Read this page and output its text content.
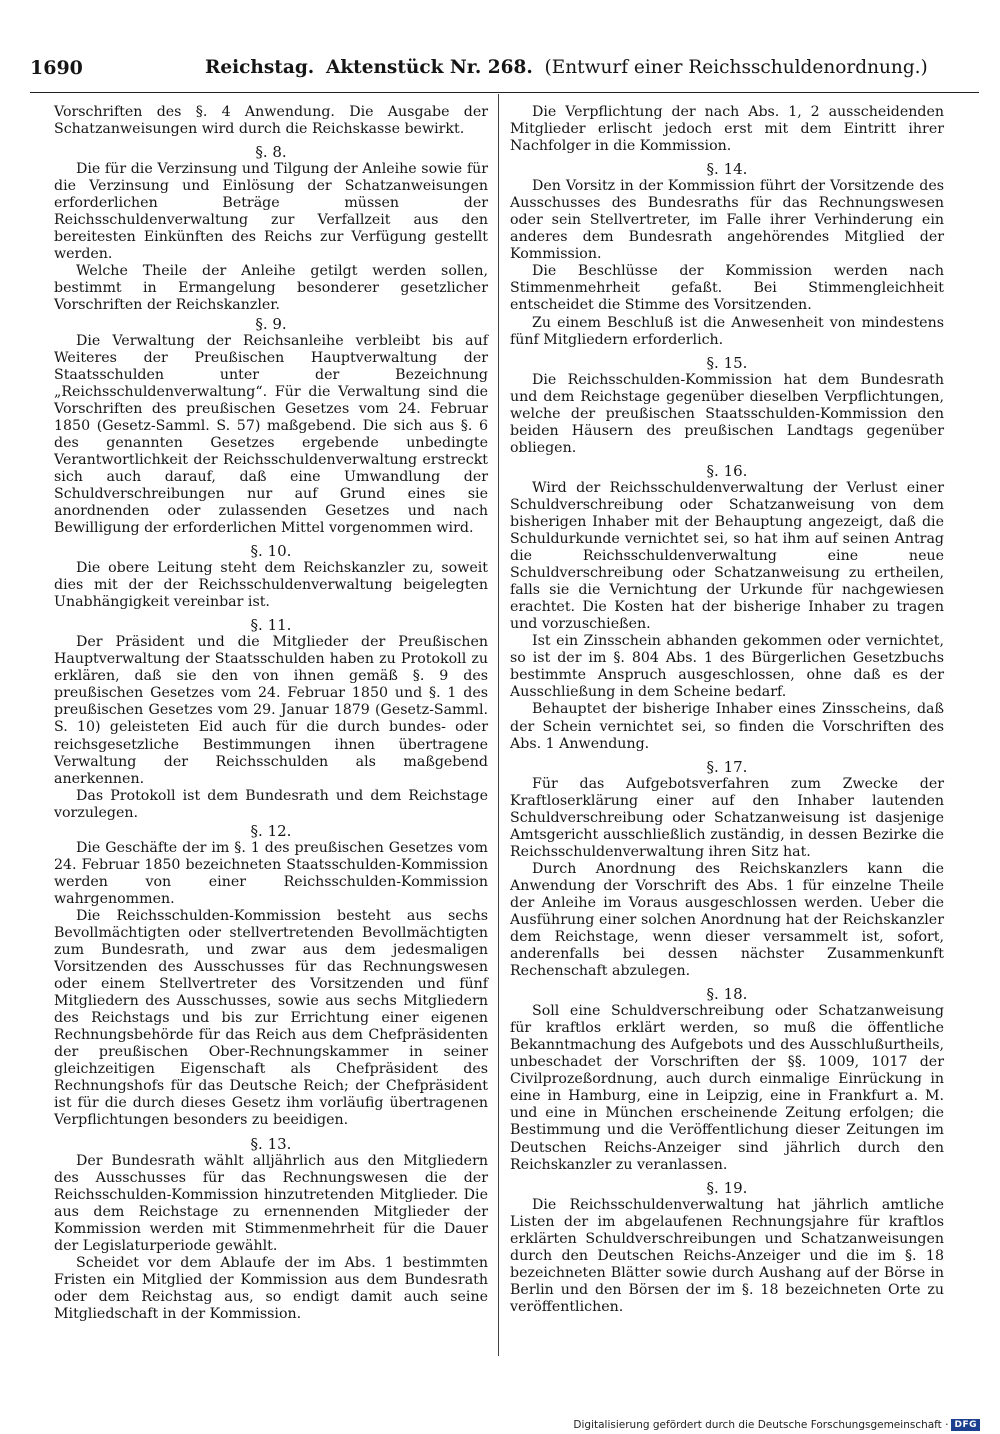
1690	Reichstag. Aktenstück Nr. 268. (Entwurf einer Reichsschuldenordnung.)

Vorschriften des §. 4 Anwendung. Die Ausgabe der Schatzanweisungen wird durch die Reichskasse bewirkt.

§. 8.

Die für die Verzinsung und Tilgung der Anleihe sowie für die Verzinsung und Einlösung der Schatzanweisungen erforderlichen Beträge müssen der Reichsschuldenverwaltung zur Verfallzeit aus den bereitesten Einkünften des Reichs zur Verfügung gestellt werden.

Welche Theile der Anleihe getilgt werden sollen, bestimmt in Ermangelung besonderer gesetzlicher Vorschriften der Reichskanzler.

§. 9.

Die Verwaltung der Reichsanleihe verbleibt bis auf Weiteres der Preußischen Hauptverwaltung der Staatsschulden unter der Bezeichnung „Reichsschuldenverwaltung“. Für die Verwaltung sind die Vorschriften des preußischen Gesetzes vom 24. Februar 1850 (Gesetz-Samml. S. 57) maßgebend. Die sich aus §. 6 des genannten Gesetzes ergebende unbedingte Verantwortlichkeit der Reichsschuldenverwaltung erstreckt sich auch darauf, daß eine Umwandlung der Schuldverschreibungen nur auf Grund eines sie anordnenden oder zulassenden Gesetzes und nach Bewilligung der erforderlichen Mittel vorgenommen wird.

§. 10.

Die obere Leitung steht dem Reichskanzler zu, soweit dies mit der der Reichsschuldenverwaltung beigelegten Unabhängigkeit vereinbar ist.

§. 11.

Der Präsident und die Mitglieder der Preußischen Hauptverwaltung der Staatsschulden haben zu Protokoll zu erklären, daß sie den von ihnen gemäß §. 9 des preußischen Gesetzes vom 24. Februar 1850 und §. 1 des preußischen Gesetzes vom 29. Januar 1879 (Gesetz-Samml. S. 10) geleisteten Eid auch für die durch bundes- oder reichsgesetzliche Bestimmungen ihnen übertragene Verwaltung der Reichsschulden als maßgebend anerkennen.

Das Protokoll ist dem Bundesrath und dem Reichstage vorzulegen.

§. 12.

Die Geschäfte der im §. 1 des preußischen Gesetzes vom 24. Februar 1850 bezeichneten Staatsschulden-Kommission werden von einer Reichsschulden-Kommission wahrgenommen.

Die Reichsschulden-Kommission besteht aus sechs Bevollmächtigten oder stellvertretenden Bevollmächtigten zum Bundesrath, und zwar aus dem jedesmaligen Vorsitzenden des Ausschusses für das Rechnungswesen oder einem Stellvertreter des Vorsitzenden und fünf Mitgliedern des Ausschusses, sowie aus sechs Mitgliedern des Reichstags und bis zur Errichtung einer eigenen Rechnungsbehörde für das Reich aus dem Chefpräsidenten der preußischen Ober-Rechnungskammer in seiner gleichzeitigen Eigenschaft als Chefpräsident des Rechnungshofs für das Deutsche Reich; der Chefpräsident ist für die durch dieses Gesetz ihm vorläufig übertragenen Verpflichtungen besonders zu beeidigen.

§. 13.

Der Bundesrath wählt alljährlich aus den Mitgliedern des Ausschusses für das Rechnungswesen die der Reichsschulden-Kommission hinzutretenden Mitglieder. Die aus dem Reichstage zu ernennenden Mitglieder der Kommission werden mit Stimmenmehrheit für die Dauer der Legislaturperiode gewählt.

Scheidet vor dem Ablaufe der im Abs. 1 bestimmten Fristen ein Mitglied der Kommission aus dem Bundesrath oder dem Reichstag aus, so endigt damit auch seine Mitgliedschaft in der Kommission.

Die Verpflichtung der nach Abs. 1, 2 ausscheidenden Mitglieder erlischt jedoch erst mit dem Eintritt ihrer Nachfolger in die Kommission.

§. 14.

Den Vorsitz in der Kommission führt der Vorsitzende des Ausschusses des Bundesraths für das Rechnungswesen oder sein Stellvertreter, im Falle ihrer Verhinderung ein anderes dem Bundesrath angehörendes Mitglied der Kommission.

Die Beschlüsse der Kommission werden nach Stimmenmehrheit gefaßt. Bei Stimmengleichheit entscheidet die Stimme des Vorsitzenden.

Zu einem Beschluß ist die Anwesenheit von mindestens fünf Mitgliedern erforderlich.

§. 15.

Die Reichsschulden-Kommission hat dem Bundesrath und dem Reichstage gegenüber dieselben Verpflichtungen, welche der preußischen Staatsschulden-Kommission den beiden Häusern des preußischen Landtags gegenüber obliegen.

§. 16.

Wird der Reichsschuldenverwaltung der Verlust einer Schuldverschreibung oder Schatzanweisung von dem bisherigen Inhaber mit der Behauptung angezeigt, daß die Schuldurkunde vernichtet sei, so hat ihm auf seinen Antrag die Reichsschuldenverwaltung eine neue Schuldverschreibung oder Schatzanweisung zu ertheilen, falls sie die Vernichtung der Urkunde für nachgewiesen erachtet. Die Kosten hat der bisherige Inhaber zu tragen und vorzuschießen.

Ist ein Zinsschein abhanden gekommen oder vernichtet, so ist der im §. 804 Abs. 1 des Bürgerlichen Gesetzbuchs bestimmte Anspruch ausgeschlossen, ohne daß es der Ausschließung in dem Scheine bedarf.

Behauptet der bisherige Inhaber eines Zinsscheins, daß der Schein vernichtet sei, so finden die Vorschriften des Abs. 1 Anwendung.

§. 17.

Für das Aufgebotsverfahren zum Zwecke der Kraftloserklärung einer auf den Inhaber lautenden Schuldverschreibung oder Schatzanweisung ist dasjenige Amtsgericht ausschließlich zuständig, in dessen Bezirke die Reichsschuldenverwaltung ihren Sitz hat.

Durch Anordnung des Reichskanzlers kann die Anwendung der Vorschrift des Abs. 1 für einzelne Theile der Anleihe im Voraus ausgeschlossen werden. Ueber die Ausführung einer solchen Anordnung hat der Reichskanzler dem Reichstage, wenn dieser versammelt ist, sofort, anderenfalls bei dessen nächster Zusammenkunft Rechenschaft abzulegen.

§. 18.

Soll eine Schuldverschreibung oder Schatzanweisung für kraftlos erklärt werden, so muß die öffentliche Bekanntmachung des Aufgebots und des Ausschlußurtheils, unbeschadet der Vorschriften der §§. 1009, 1017 der Civilprozeßordnung, auch durch einmalige Einrückung in eine in Hamburg, eine in Leipzig, eine in Frankfurt a. M. und eine in München erscheinende Zeitung erfolgen; die Bestimmung und die Veröffentlichung dieser Zeitungen im Deutschen Reichs-Anzeiger sind jährlich durch den Reichskanzler zu veranlassen.

§. 19.

Die Reichsschuldenverwaltung hat jährlich amtliche Listen der im abgelaufenen Rechnungsjahre für kraftlos erklärten Schuldverschreibungen und Schatzanweisungen durch den Deutschen Reichs-Anzeiger und die im §. 18 bezeichneten Blätter sowie durch Aushang auf der Börse in Berlin und den Börsen der im §. 18 bezeichneten Orte zu veröffentlichen.

Digitalisierung gefördert durch die Deutsche Forschungsgemeinschaft · DFG
